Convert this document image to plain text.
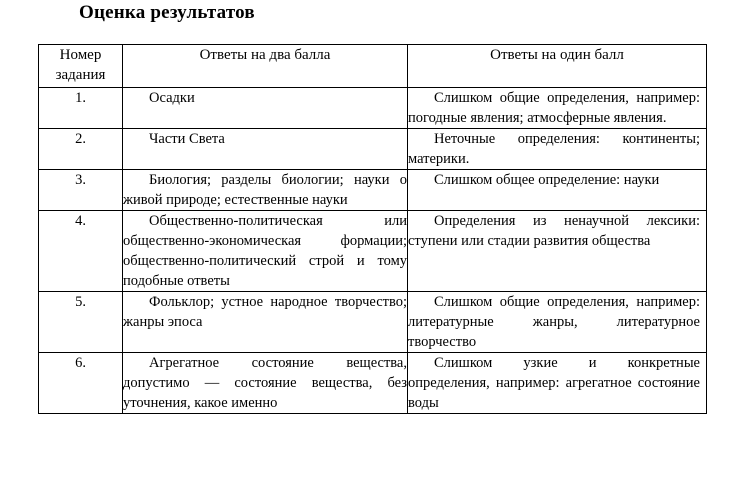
Оценка результатов
Номер задания	Ответы на два балла	Ответы на один балл
1.	Осадки	Слишком общие определения, например: погодные явления; атмосферные явления.
2.	Части Света	Неточные определения: континенты; материки.
3.	Биология; разделы биологии; науки о живой природе; естественные науки	Слишком общее определение: науки
4.	Общественно-политическая или общественно-экономическая формации; общественно-политический строй и тому подобные ответы	Определения из ненаучной лексики: ступени или стадии развития общества
5.	Фольклор; устное народное творчество; жанры эпоса	Слишком общие определения, например: литературные жанры, литературное творчество
6.	Агрегатное состояние вещества, допустимо — состояние вещества, без уточнения, какое именно	Слишком узкие и конкретные определения, например: агрегатное состояние воды
